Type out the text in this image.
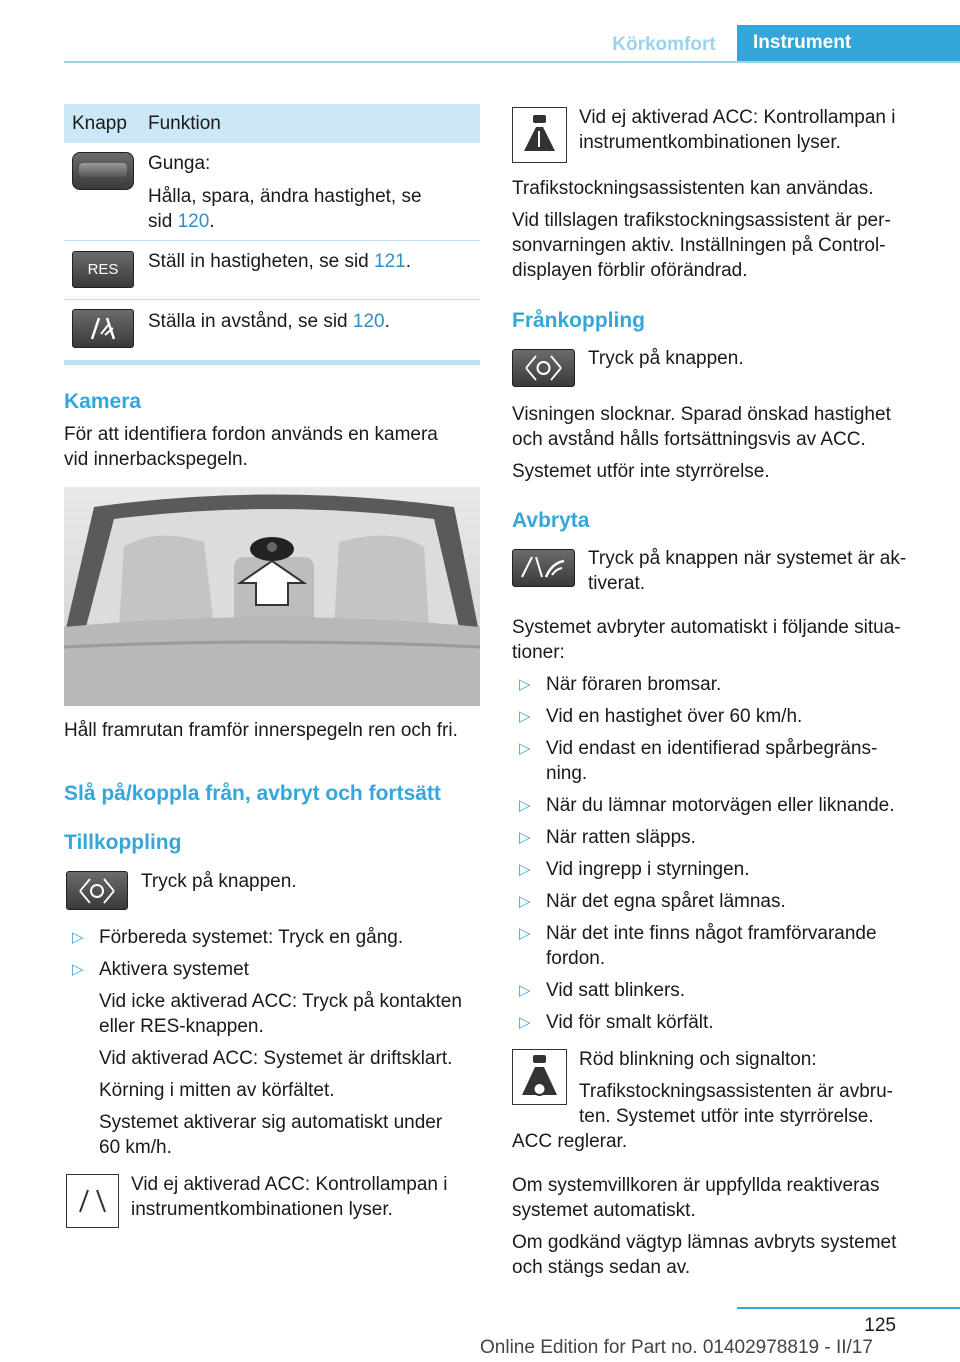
Körkomfort	Instrument
Knapp Funktion
Gunga:
Hålla, spara, ändra hastighet, se
sid 120.
RES	Ställ in hastigheten, se sid 121.
Ställa in avstånd, se sid 120.
Kamera
För att identifiera fordon används en kamera
vid innerbackspegeln.
Håll framrutan framför innerspegeln ren och fri.
Slå på/koppla från, avbryt och fortsätt
Tillkoppling
Tryck på knappen.
▷ Förbereda systemet: Tryck en gång.
▷ Aktivera systemet
Vid icke aktiverad ACC: Tryck på kontakten
eller RES-knappen.
Vid aktiverad ACC: Systemet är driftsklart.
Körning i mitten av körfältet.
Systemet aktiverar sig automatiskt under
60 km/h.
Vid ej aktiverad ACC: Kontrollampan i
instrumentkombinationen lyser.
Vid ej aktiverad ACC: Kontrollampan i
instrumentkombinationen lyser.
Trafikstockningsassistenten kan användas.
Vid tillslagen trafikstockningsassistent är per‐
sonvarningen aktiv. Inställningen på Control-
displayen förblir oförändrad.
Frånkoppling
Tryck på knappen.
Visningen slocknar. Sparad önskad hastighet
och avstånd hålls fortsättningsvis av ACC.
Systemet utför inte styrrörelse.
Avbryta
Tryck på knappen när systemet är ak‐
tiverat.
Systemet avbryter automatiskt i följande situa‐
tioner:
▷ När föraren bromsar.
▷ Vid en hastighet över 60 km/h.
▷ Vid endast en identifierad spårbegräns‐
ning.
▷ När du lämnar motorvägen eller liknande.
▷ När ratten släpps.
▷ Vid ingrepp i styrningen.
▷ När det egna spåret lämnas.
▷ När det inte finns något framförvarande
fordon.
▷ Vid satt blinkers.
▷ Vid för smalt körfält.
Röd blinkning och signalton:
Trafikstockningsassistenten är avbru‐
ten. Systemet utför inte styrrörelse.
ACC reglerar.
Om systemvillkoren är uppfyllda reaktiveras
systemet automatiskt.
Om godkänd vägtyp lämnas avbryts systemet
och stängs sedan av.
125
Online Edition for Part no. 01402978819 - II/17
